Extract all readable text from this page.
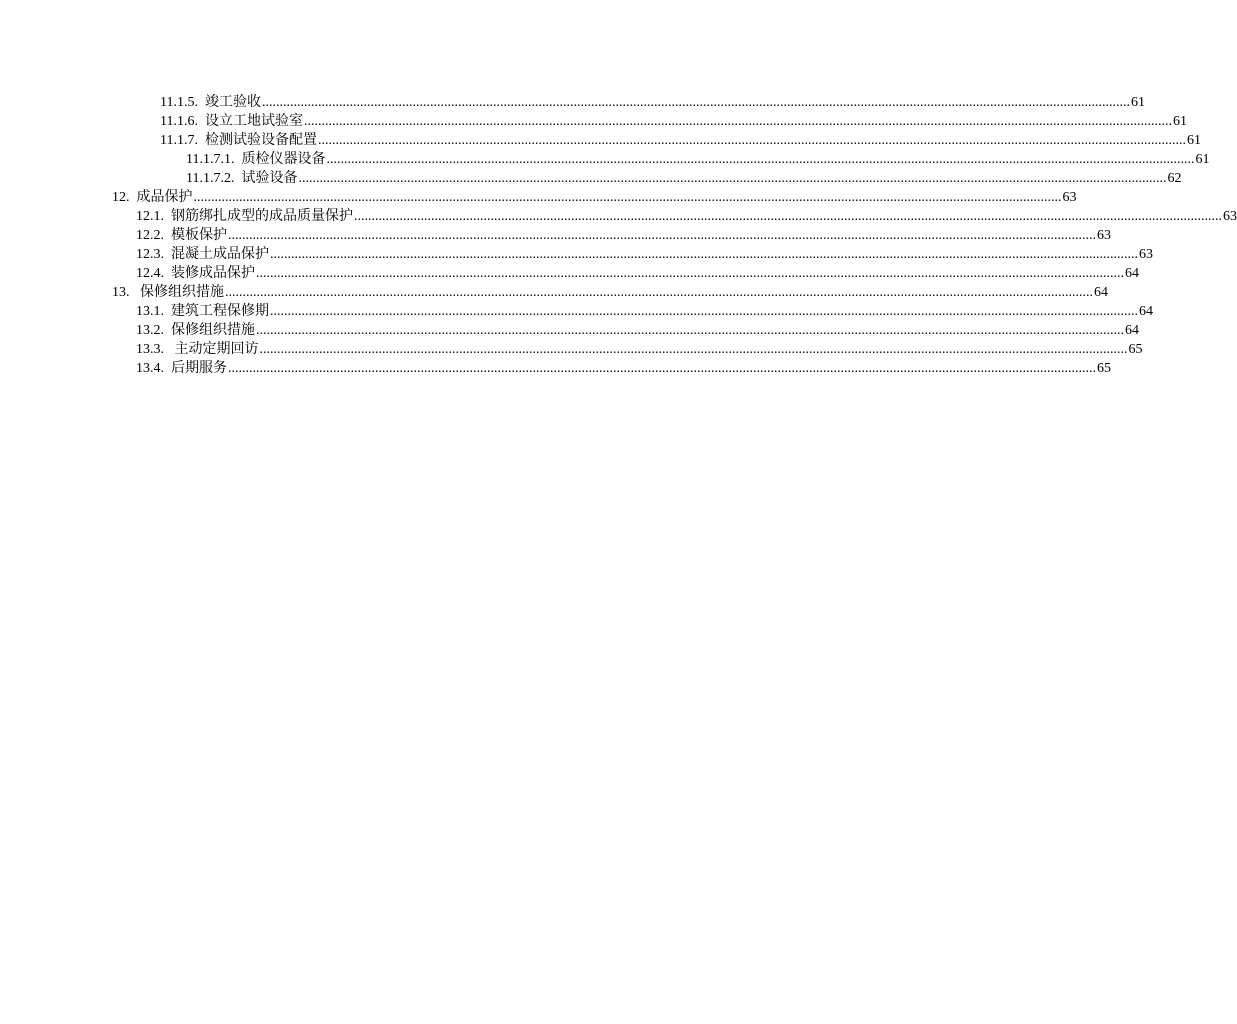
11.1.5. 竣工验收 .....	61
11.1.6. 设立工地试验室 .....	61
11.1.7. 检测试验设备配置 .....	61
11.1.7.1. 质检仪器设备 .....	61
11.1.7.2. 试验设备 .....	62
12. 成品保护 .....	63
12.1. 钢筋绑扎成型的成品质量保护 .....	63
12.2. 模板保护 .....	63
12.3. 混凝土成品保护 .....	63
12.4. 装修成品保护 .....	64
13. 保修组织措施 .....	64
13.1. 建筑工程保修期 .....	64
13.2. 保修组织措施 .....	64
13.3. 主动定期回访 .....	65
13.4. 后期服务 .....	65
